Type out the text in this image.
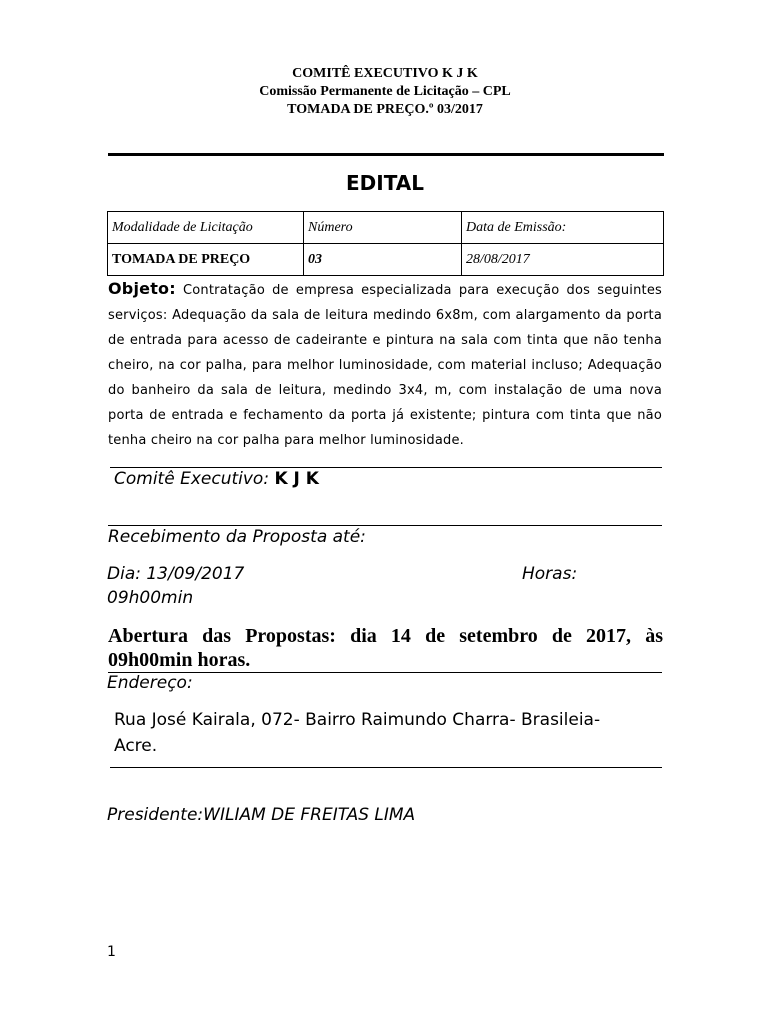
COMITÊ EXECUTIVO K J K
Comissão Permanente de Licitação – CPL
TOMADA DE PREÇO.º 03/2017
EDITAL
Modalidade de Licitação	Número	Data de Emissão:
TOMADA DE PREÇO	03	28/08/2017
Objeto: Contratação de empresa especializada para execução dos seguintes serviços: Adequação da sala de leitura medindo 6x8m, com alargamento da porta de entrada para acesso de cadeirante e pintura na sala com tinta que não tenha cheiro, na cor palha, para melhor luminosidade, com material incluso; Adequação do banheiro da sala de leitura, medindo 3x4, m, com instalação de uma nova porta de entrada e fechamento da porta já existente; pintura com tinta que não tenha cheiro na cor palha para melhor luminosidade.
Comitê Executivo: K J K
Recebimento da Proposta até:
Dia: 13/09/2017	Horas:
09h00min
Abertura das Propostas: dia 14 de setembro de 2017, às
09h00min horas.
Endereço:
Rua José Kairala, 072- Bairro Raimundo Charra- Brasileia-
Acre.
Presidente:WILIAM DE FREITAS LIMA
1
